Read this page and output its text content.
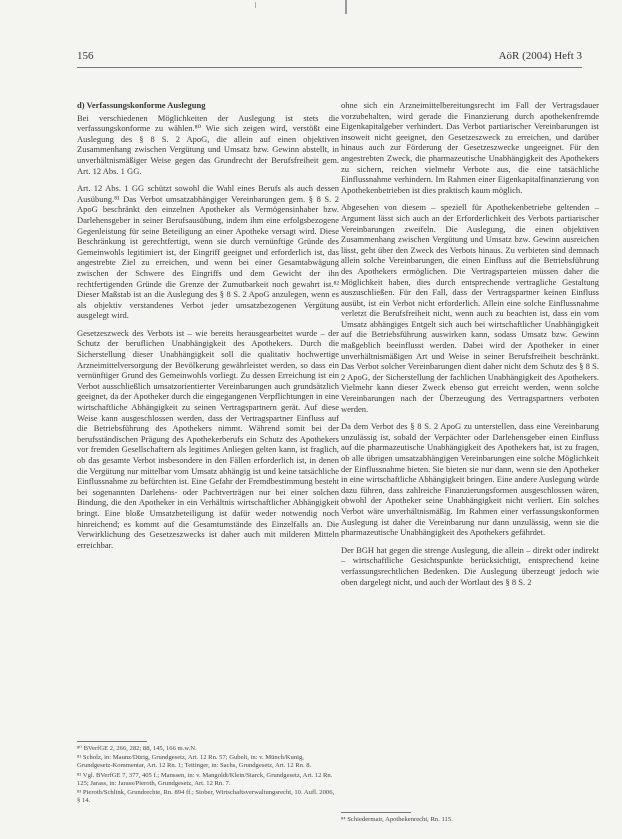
156	AöR (2004) Heft 3
d) Verfassungskonforme Auslegung

Bei verschiedenen Möglichkeiten der Auslegung ist stets die verfassungskonforme zu wählen.⁸⁰ Wie sich zeigen wird, verstößt eine Auslegung des § 8 S. 2 ApoG, die allein auf einen objektiven Zusammenhang zwischen Vergütung und Umsatz bzw. Gewinn abstellt, in unverhältnismäßiger Weise gegen das Grundrecht der Berufsfreiheit gem. Art. 12 Abs. 1 GG.

Art. 12 Abs. 1 GG schützt sowohl die Wahl eines Berufs als auch dessen Ausübung.⁸¹ Das Verbot umsatzabhängiger Vereinbarungen gem. § 8 S. 2 ApoG beschränkt den einzelnen Apotheker als Vermögensinhaber bzw. Darlehensgeber in seiner Berufsausübung, indem ihm eine erfolgsbezogene Gegenleistung für seine Beteiligung an einer Apotheke versagt wird. Diese Beschränkung ist gerechtfertigt, wenn sie durch vernünftige Gründe des Gemeinwohls legitimiert ist, der Eingriff geeignet und erforderlich ist, das angestrebte Ziel zu erreichen, und wenn bei einer Gesamtabwägung zwischen der Schwere des Eingriffs und dem Gewicht der ihn rechtfertigenden Gründe die Grenze der Zumutbarkeit noch gewahrt ist.⁸² Dieser Maßstab ist an die Auslegung des § 8 S. 2 ApoG anzulegen, wenn es als objektiv verstandenes Verbot jeder umsatzbezogenen Vergütung ausgelegt wird.

Gesetzeszweck des Verbots ist – wie bereits herausgearbeitet wurde – der Schutz der beruflichen Unabhängigkeit des Apothekers. Durch die Sicherstellung dieser Unabhängigkeit soll die qualitativ hochwertige Arzneimittelversorgung der Bevölkerung gewährleistet werden, so dass ein vernünftiger Grund des Gemeinwohls vorliegt. Zu dessen Erreichung ist ein Verbot ausschließlich umsatzorientierter Vereinbarungen auch grundsätzlich geeignet, da der Apotheker durch die eingegangenen Verpflichtungen in eine wirtschaftliche Abhängigkeit zu seinen Vertragspartnern gerät. Auf diese Weise kann ausgeschlossen werden, dass der Vertragspartner Einfluss auf die Betriebsführung des Apothekers nimmt. Während somit bei der berufsständischen Prägung des Apothekerberufs ein Schutz des Apothekers vor fremden Gesellschaftern als legitimes Anliegen gelten kann, ist fraglich, ob das gesamte Verbot insbesondere in den Fällen erforderlich ist, in denen die Vergütung nur mittelbar vom Umsatz abhängig ist und keine tatsächliche Einflussnahme zu befürchten ist. Eine Gefahr der Fremdbestimmung besteht bei sogenannten Darlehens- oder Pachtverträgen nur bei einer solchen Bindung, die den Apotheker in ein Verhältnis wirtschaftlicher Abhängigkeit bringt. Eine bloße Umsatzbeteiligung ist dafür weder notwendig noch hinreichend; es kommt auf die Gesamtumstände des Einzelfalls an. Die Verwirklichung des Gesetzeszwecks ist daher auch mit milderen Mitteln erreichbar.

ohne sich ein Arzneimittelbereitungsrecht im Fall der Vertragsdauer vorzubehalten, wird gerade die Finanzierung durch apothekenfremde Eigenkapitalgeber verhindert. Das Verbot partiarischer Vereinbarungen ist insoweit nicht geeignet, den Gesetzeszweck zu erreichen, und darüber hinaus auch zur Förderung der Gesetzeszwecke ungeeignet. Für den angestrebten Zweck, die pharmazeutische Unabhängigkeit des Apothekers zu sichern, reichen vielmehr Verbote aus, die eine tatsächliche Einflussnahme verhindern. Im Rahmen einer Eigenkapitalfinanzierung von Apothekenbetrieben ist dies praktisch kaum möglich.

Abgesehen von diesem – speziell für Apothekenbetriebe geltenden – Argument lässt sich auch an der Erforderlichkeit des Verbots partiarischer Vereinbarungen zweifeln. Die Auslegung, die einen objektiven Zusammenhang zwischen Vergütung und Umsatz bzw. Gewinn ausreichen lässt, geht über den Zweck des Verbots hinaus. Zu verbieten sind demnach allein solche Vereinbarungen, die einen Einfluss auf die Betriebsführung des Apothekers ermöglichen. Die Vertragsparteien müssen daher die Möglichkeit haben, dies durch entsprechende vertragliche Gestaltung auszuschließen. Für den Fall, dass der Vertragspartner keinen Einfluss ausübt, ist ein Verbot nicht erforderlich. Allein eine solche Einflussnahme verletzt die Berufsfreiheit nicht, wenn auch zu beachten ist, dass ein vom Umsatz abhängiges Entgelt sich auch bei wirtschaftlicher Unabhängigkeit auf die Betriebsführung auswirken kann, sodass Umsatz bzw. Gewinn maßgeblich beeinflusst werden. Dabei wird der Apotheker in einer unverhältnismäßigen Art und Weise in seiner Berufsfreiheit beschränkt. Das Verbot solcher Vereinbarungen dient daher nicht dem Schutz des § 8 S. 2 ApoG, der Sicherstellung der fachlichen Unabhängigkeit des Apothekers. Vielmehr kann dieser Zweck ebenso gut erreicht werden, wenn solche Vereinbarungen nach der Überzeugung des Vertragspartners verboten werden.

Da dem Verbot des § 8 S. 2 ApoG zu unterstellen, dass eine Vereinbarung unzulässig ist, sobald der Verpächter oder Darlehensgeber einen Einfluss auf die pharmazeutische Unabhängigkeit des Apothekers hat, ist zu fragen, ob alle übrigen umsatzabhängigen Vereinbarungen eine solche Möglichkeit der Einflussnahme bieten. Sie bieten sie nur dann, wenn sie den Apotheker in eine wirtschaftliche Abhängigkeit bringen. Eine andere Auslegung würde dazu führen, dass zahlreiche Finanzierungsformen ausgeschlossen wären, obwohl der Apotheker seine Unabhängigkeit nicht verliert. Ein solches Verbot wäre unverhältnismäßig. Im Rahmen einer verfassungskonformen Auslegung ist daher die Vereinbarung nur dann unzulässig, wenn sie die pharmazeutische Unabhängigkeit des Apothekers gefährdet.

Der BGH hat gegen die strenge Auslegung, die allein – direkt oder indirekt – wirtschaftliche Gesichtspunkte berücksichtigt, entsprechend keine verfassungsrechtlichen Bedenken. Die Auslegung überzeugt jedoch wie oben dargelegt nicht, und auch der Wortlaut des § 8 S. 2

⁸⁰ BVerfGE 2, 266, 282; 88, 145, 166 m.w.N.
⁸¹ Scholz, in: Maunz/Dürig, Grundgesetz, Art. 12 Rn. 57; Gubelt, in: v. Münch/Kunig, Grundgesetz-Kommentar, Art. 12 Rn. 1; Tettinger, in: Sachs, Grundgesetz, Art. 12 Rn. 8.
⁸² Vgl. BVerfGE 7, 377, 405 f.; Manssen, in: v. Mangoldt/Klein/Starck, Grundgesetz, Art. 12 Rn. 125; Jarass, in: Jarass/Pieroth, Grundgesetz, Art. 12 Rn. 7.
⁸³ Pieroth/Schlink, Grundrechte, Rn. 894 ff.; Stober, Wirtschaftsverwaltungsrecht, 10. Aufl. 2006, § 14.
⁸⁴ Schiedermair, Apothekenrecht, Rn. 115.
